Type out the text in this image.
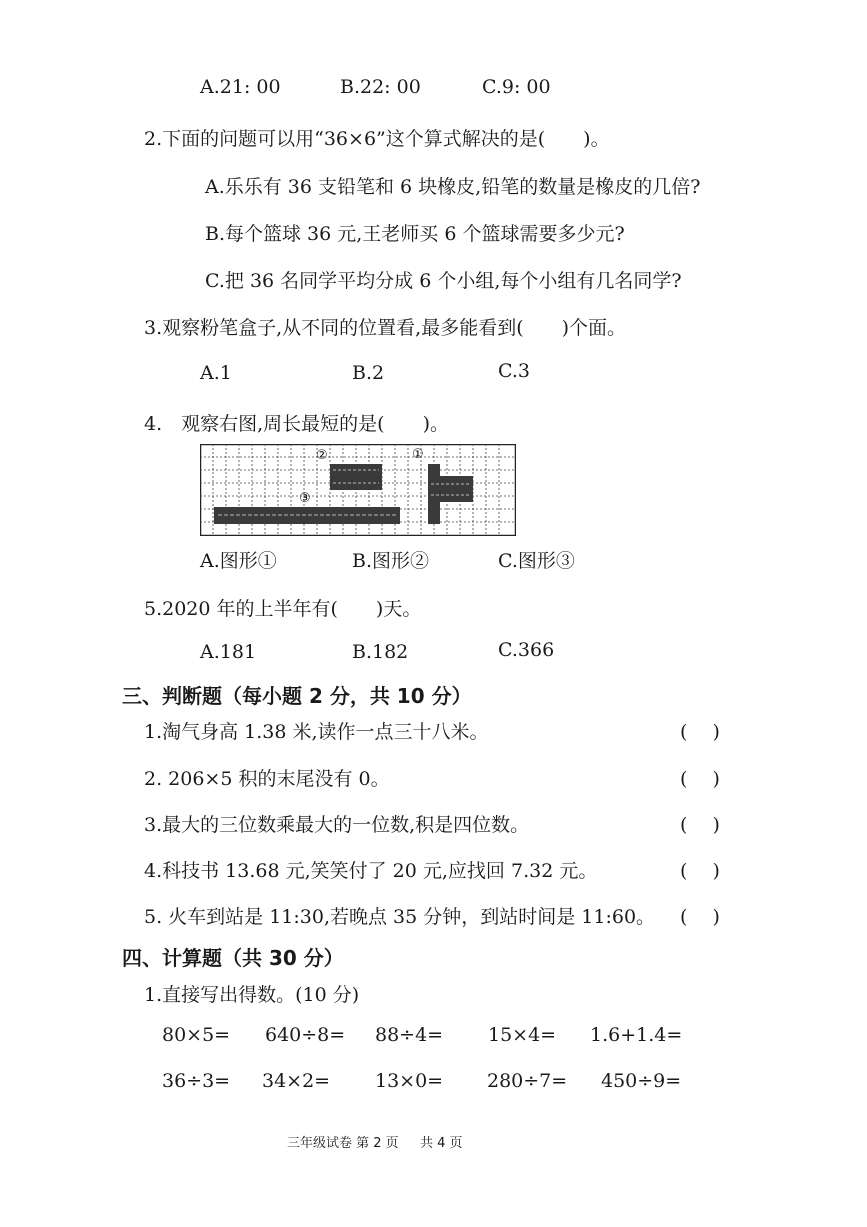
A.21: 00	B.22: 00	C.9: 00
2.下面的问题可以用“36×6”这个算式解决的是(　　)。
A.乐乐有 36 支铅笔和 6 块橡皮,铅笔的数量是橡皮的几倍?
B.每个篮球 36 元,王老师买 6 个篮球需要多少元?
C.把 36 名同学平均分成 6 个小组,每个小组有几名同学?
3.观察粉笔盒子,从不同的位置看,最多能看到(　　)个面。
A.1	B.2	C.3
4.　观察右图,周长最短的是(　　)。
②	①
③
A.图形①	B.图形②	C.图形③
5.2020 年的上半年有(　　)天。
A.181	B.182	C.366
三、判断题（每小题 2 分，共 10 分）
1.淘气身高 1.38 米,读作一点三十八米。	(　 )
2. 206×5 积的末尾没有 0。	(　 )
3.最大的三位数乘最大的一位数,积是四位数。	(　 )
4.科技书 13.68 元,笑笑付了 20 元,应找回 7.32 元。	(　 )
5. 火车到站是 11:30,若晚点 35 分钟，到站时间是 11:60。 (　 )
四、计算题（共 30 分）
1.直接写出得数。(10 分)
80×5= 640÷8= 88÷4= 15×4= 1.6+1.4=
36÷3= 34×2= 13×0= 280÷7= 450÷9=
三年级试卷 第 2 页 共 4 页
